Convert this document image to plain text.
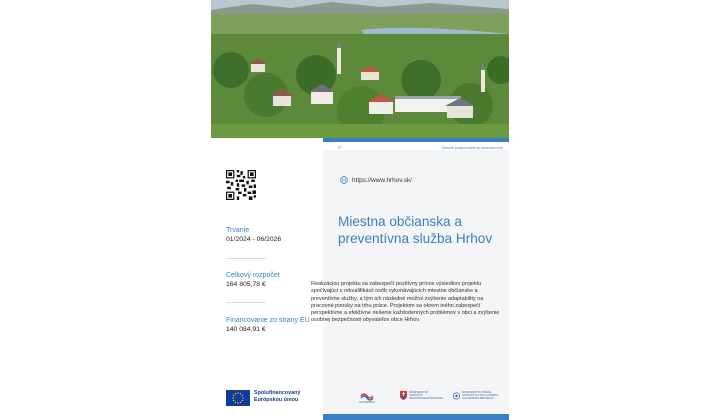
©	Obecné podpovedzte so umenázovníe
https://www.hrhov.sk/
Miestna občianska a preventívna služba Hrhov
Realizáciou projektu sa zabezpečí pozitívny prínos výsledkov projektu spočívajúci v rekvalifikácii osôb vykonávajúcich miestne občianske a preventívne služby, a tým ich následné možné zvýšenie adaptability na pracovné ponuky na trhu práce. Projektom sa okrem iného zabezpečí perspektívne a efektívne riešenie každodenných problémov v obci a zvýšenie osobnej bezpečnosti obyvateľov obce Hrhov.
Trvanie
01/2024 - 06/2026
Celkový rozpočet
164 805,78 €
Financovanie zo strany EÚ
140 084,91 €
Spolufinancovaný
Európskou úniou	SLOVENSKO
MINISTERSTVO INVESTÍCIÍ, REGIONÁLNEHO ROZVOJA
MINISTERSTVO PRÁCE, SOCIÁLNYCH VECÍ A RODINY SLOVENSKEJ REPUBLIKY
